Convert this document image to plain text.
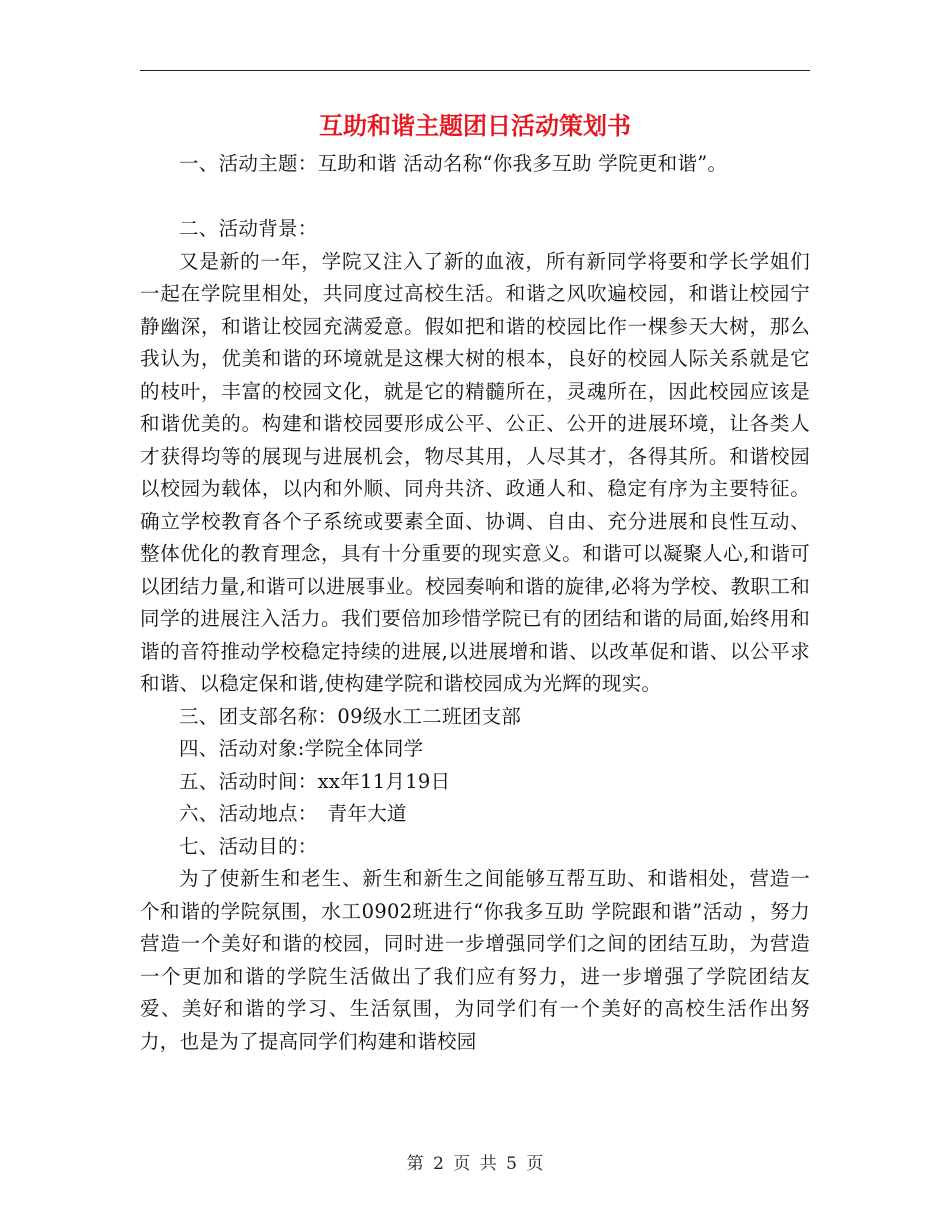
互助和谐主题团日活动策划书

一、活动主题：互助和谐 活动名称“你我多互助 学院更和谐”。

二、活动背景：

又是新的一年，学院又注入了新的血液，所有新同学将要和学长学姐们一起在学院里相处，共同度过高校生活。和谐之风吹遍校园，和谐让校园宁静幽深，和谐让校园充满爱意。假如把和谐的校园比作一棵参天大树，那么我认为，优美和谐的环境就是这棵大树的根本，良好的校园人际关系就是它的枝叶，丰富的校园文化，就是它的精髓所在，灵魂所在，因此校园应该是和谐优美的。构建和谐校园要形成公平、公正、公开的进展环境，让各类人才获得均等的展现与进展机会，物尽其用，人尽其才，各得其所。和谐校园以校园为载体，以内和外顺、同舟共济、政通人和、稳定有序为主要特征。确立学校教育各个子系统或要素全面、协调、自由、充分进展和良性互动、整体优化的教育理念，具有十分重要的现实意义。和谐可以凝聚人心,和谐可以团结力量,和谐可以进展事业。校园奏响和谐的旋律,必将为学校、教职工和同学的进展注入活力。我们要倍加珍惜学院已有的团结和谐的局面,始终用和谐的音符推动学校稳定持续的进展,以进展增和谐、以改革促和谐、以公平求和谐、以稳定保和谐,使构建学院和谐校园成为光辉的现实。

三、团支部名称：09级水工二班团支部

四、活动对象:学院全体同学

五、活动时间：xx年11月19日

六、活动地点：　青年大道

七、活动目的：

为了使新生和老生、新生和新生之间能够互帮互助、和谐相处，营造一个和谐的学院氛围，水工0902班进行“你我多互助 学院跟和谐”活动 ，努力营造一个美好和谐的校园，同时进一步增强同学们之间的团结互助，为营造一个更加和谐的学院生活做出了我们应有努力，进一步增强了学院团结友爱、美好和谐的学习、生活氛围，为同学们有一个美好的高校生活作出努力，也是为了提高同学们构建和谐校园

第 2 页 共 5 页
